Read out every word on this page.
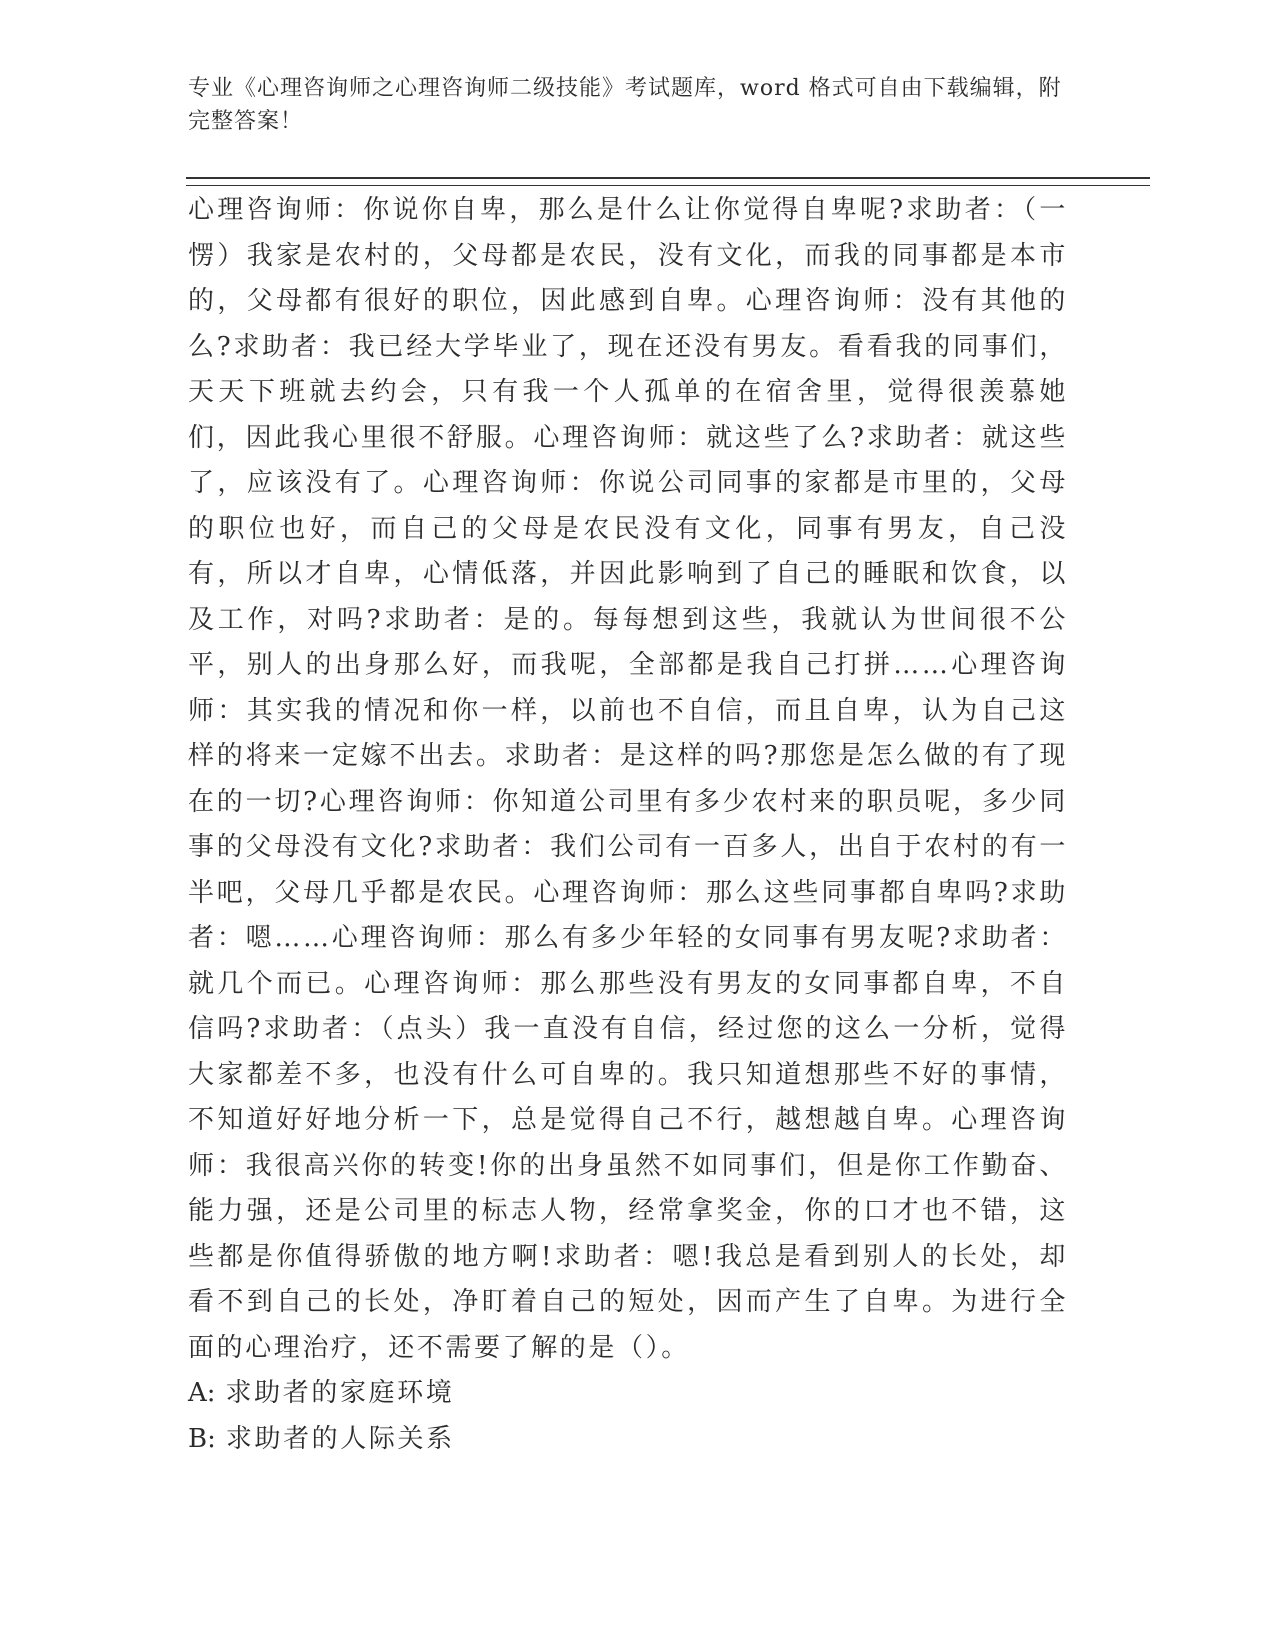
专业《心理咨询师之心理咨询师二级技能》考试题库，word 格式可自由下载编辑，附完整答案！

心理咨询师：你说你自卑，那么是什么让你觉得自卑呢?求助者：（一愣）我家是农村的，父母都是农民，没有文化，而我的同事都是本市的，父母都有很好的职位，因此感到自卑。心理咨询师：没有其他的么?求助者：我已经大学毕业了，现在还没有男友。看看我的同事们，天天下班就去约会，只有我一个人孤单的在宿舍里，觉得很羡慕她们，因此我心里很不舒服。心理咨询师：就这些了么?求助者：就这些了，应该没有了。心理咨询师：你说公司同事的家都是市里的，父母的职位也好，而自己的父母是农民没有文化，同事有男友，自己没有，所以才自卑，心情低落，并因此影响到了自己的睡眠和饮食，以及工作，对吗?求助者：是的。每每想到这些，我就认为世间很不公平，别人的出身那么好，而我呢，全部都是我自己打拼……心理咨询师：其实我的情况和你一样，以前也不自信，而且自卑，认为自己这样的将来一定嫁不出去。求助者：是这样的吗?那您是怎么做的有了现在的一切?心理咨询师：你知道公司里有多少农村来的职员呢，多少同事的父母没有文化?求助者：我们公司有一百多人，出自于农村的有一半吧，父母几乎都是农民。心理咨询师：那么这些同事都自卑吗?求助者：嗯……心理咨询师：那么有多少年轻的女同事有男友呢?求助者：就几个而已。心理咨询师：那么那些没有男友的女同事都自卑，不自信吗?求助者：（点头）我一直没有自信，经过您的这么一分析，觉得大家都差不多，也没有什么可自卑的。我只知道想那些不好的事情，不知道好好地分析一下，总是觉得自己不行，越想越自卑。心理咨询师：我很高兴你的转变!你的出身虽然不如同事们，但是你工作勤奋、能力强，还是公司里的标志人物，经常拿奖金，你的口才也不错，这些都是你值得骄傲的地方啊!求助者：嗯!我总是看到别人的长处，却看不到自己的长处，净盯着自己的短处，因而产生了自卑。为进行全面的心理治疗，还不需要了解的是（）。

A : 求助者的家庭环境
B : 求助者的人际关系
